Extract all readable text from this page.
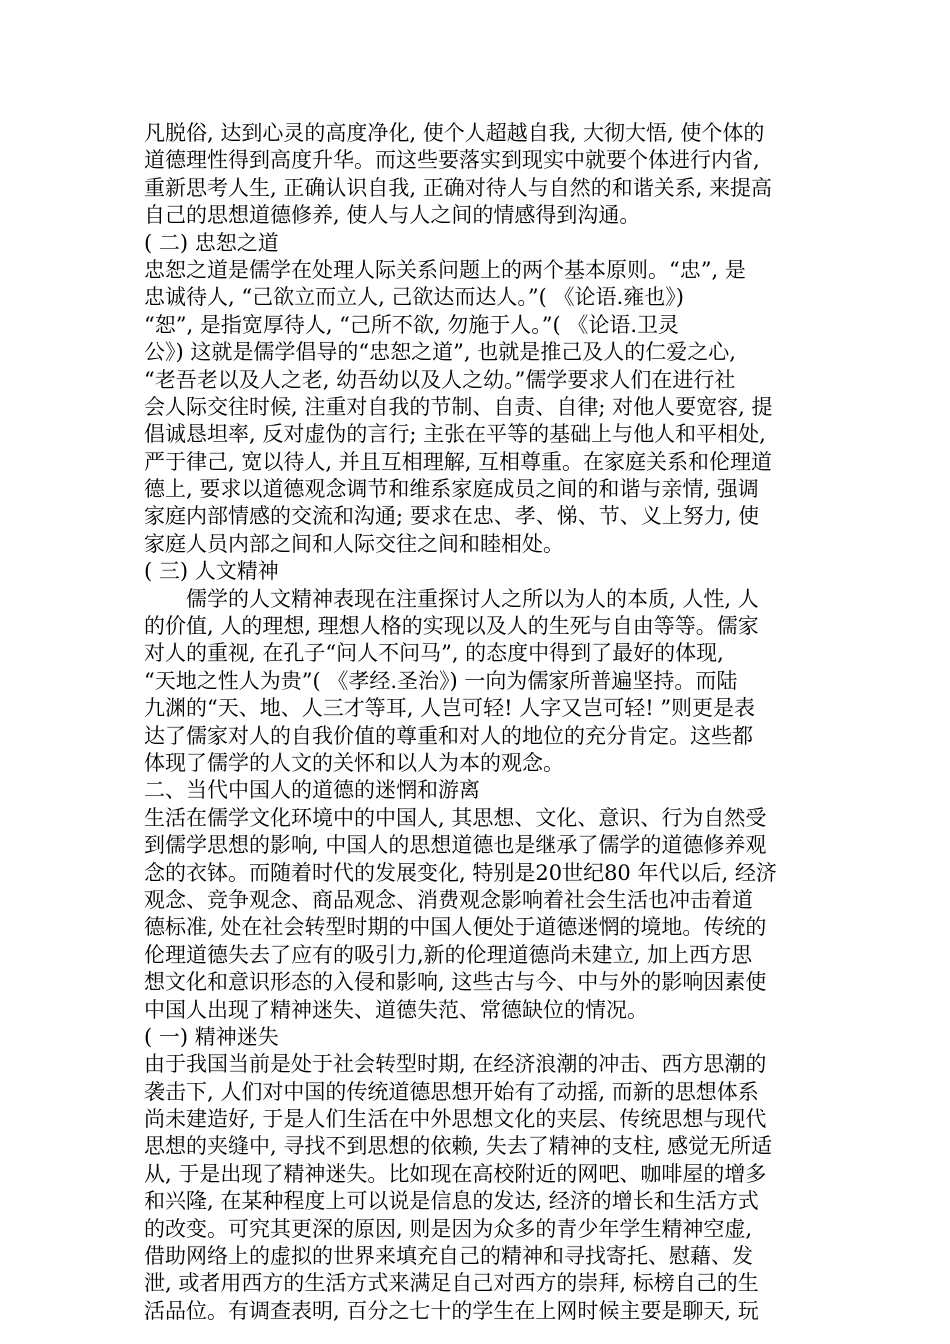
凡脱俗, 达到心灵的高度净化, 使个人超越自我, 大彻大悟, 使个体的
道德理性得到高度升华。而这些要落实到现实中就要个体进行内省,
重新思考人生, 正确认识自我, 正确对待人与自然的和谐关系, 来提高
自己的思想道德修养, 使人与人之间的情感得到沟通。
( 二) 忠恕之道
忠恕之道是儒学在处理人际关系问题上的两个基本原则。“忠”, 是
忠诚待人, “己欲立而立人, 己欲达而达人。”( 《论语.雍也》)
“恕”, 是指宽厚待人, “己所不欲, 勿施于人。”( 《论语.卫灵
公》) 这就是儒学倡导的“忠恕之道”, 也就是推己及人的仁爱之心,
“老吾老以及人之老, 幼吾幼以及人之幼。”儒学要求人们在进行社
会人际交往时候, 注重对自我的节制、自责、自律; 对他人要宽容, 提
倡诚恳坦率, 反对虚伪的言行; 主张在平等的基础上与他人和平相处,
严于律己, 宽以待人, 并且互相理解, 互相尊重。在家庭关系和伦理道
德上, 要求以道德观念调节和维系家庭成员之间的和谐与亲情, 强调
家庭内部情感的交流和沟通; 要求在忠、孝、悌、节、义上努力, 使
家庭人员内部之间和人际交往之间和睦相处。
( 三) 人文精神
儒学的人文精神表现在注重探讨人之所以为人的本质, 人性, 人
的价值, 人的理想, 理想人格的实现以及人的生死与自由等等。儒家
对人的重视, 在孔子“问人不问马”, 的态度中得到了最好的体现,
“天地之性人为贵”( 《孝经.圣治》) 一向为儒家所普遍坚持。而陆
九渊的“天、地、人三才等耳, 人岂可轻! 人字又岂可轻! ”则更是表
达了儒家对人的自我价值的尊重和对人的地位的充分肯定。这些都
体现了儒学的人文的关怀和以人为本的观念。
二、当代中国人的道德的迷惘和游离
生活在儒学文化环境中的中国人, 其思想、文化、意识、行为自然受
到儒学思想的影响, 中国人的思想道德也是继承了儒学的道德修养观
念的衣钵。而随着时代的发展变化, 特别是20世纪80 年代以后, 经济
观念、竞争观念、商品观念、消费观念影响着社会生活也冲击着道
德标准, 处在社会转型时期的中国人便处于道德迷惘的境地。传统的
伦理道德失去了应有的吸引力,新的伦理道德尚未建立, 加上西方思
想文化和意识形态的入侵和影响, 这些古与今、中与外的影响因素使
中国人出现了精神迷失、道德失范、常德缺位的情况。
( 一) 精神迷失
由于我国当前是处于社会转型时期, 在经济浪潮的冲击、西方思潮的
袭击下, 人们对中国的传统道德思想开始有了动摇, 而新的思想体系
尚未建造好, 于是人们生活在中外思想文化的夹层、传统思想与现代
思想的夹缝中, 寻找不到思想的依赖, 失去了精神的支柱, 感觉无所适
从, 于是出现了精神迷失。比如现在高校附近的网吧、咖啡屋的增多
和兴隆, 在某种程度上可以说是信息的发达, 经济的增长和生活方式
的改变。可究其更深的原因, 则是因为众多的青少年学生精神空虚,
借助网络上的虚拟的世界来填充自己的精神和寻找寄托、慰藉、发
泄, 或者用西方的生活方式来满足自己对西方的崇拜, 标榜自己的生
活品位。有调查表明, 百分之七十的学生在上网时候主要是聊天, 玩
